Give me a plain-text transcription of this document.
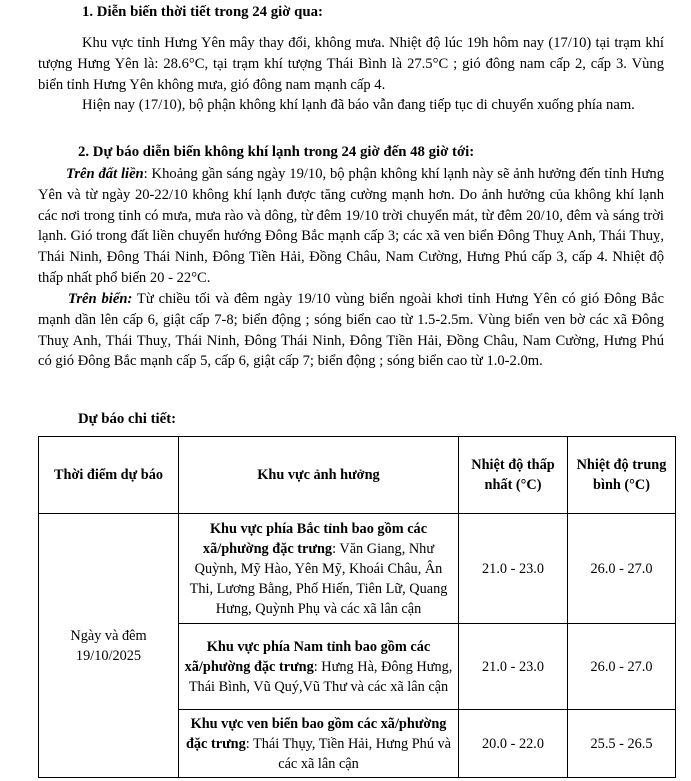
1. Diễn biến thời tiết trong 24 giờ qua:

Khu vực tỉnh Hưng Yên mây thay đổi, không mưa. Nhiệt độ lúc 19h hôm nay (17/10) tại trạm khí tượng Hưng Yên là: 28.6°C, tại trạm khí tượng Thái Bình là 27.5°C ; gió đông nam cấp 2, cấp 3. Vùng biển tỉnh Hưng Yên không mưa, gió đông nam mạnh cấp 4.

Hiện nay (17/10), bộ phận không khí lạnh đã báo vẫn đang tiếp tục di chuyển xuống phía nam.

2. Dự báo diễn biến không khí lạnh trong 24 giờ đến 48 giờ tới:

Trên đất liền: Khoảng gần sáng ngày 19/10, bộ phận không khí lạnh này sẽ ảnh hưởng đến tỉnh Hưng Yên và từ ngày 20-22/10 không khí lạnh được tăng cường mạnh hơn. Do ảnh hưởng của không khí lạnh các nơi trong tỉnh có mưa, mưa rào và dông, từ đêm 19/10 trời chuyển mát, từ đêm 20/10, đêm và sáng trời lạnh. Gió trong đất liền chuyển hướng Đông Bắc mạnh cấp 3; các xã ven biển Đông Thuỵ Anh, Thái Thuỵ, Thái Ninh, Đông Thái Ninh, Đông Tiền Hải, Đồng Châu, Nam Cường, Hưng Phú cấp 3, cấp 4. Nhiệt độ thấp nhất phổ biến 20 - 22°C.

Trên biển: Từ chiều tối và đêm ngày 19/10 vùng biển ngoài khơi tỉnh Hưng Yên có gió Đông Bắc mạnh dần lên cấp 6, giật cấp 7-8; biển động ; sóng biển cao từ 1.5-2.5m. Vùng biển ven bờ các xã Đông Thuỵ Anh, Thái Thuỵ, Thái Ninh, Đông Thái Ninh, Đông Tiền Hải, Đồng Châu, Nam Cường, Hưng Phú có gió Đông Bắc mạnh cấp 5, cấp 6, giật cấp 7; biển động ; sóng biển cao từ 1.0-2.0m.

Dự báo chi tiết:
Thời điểm dự báo	Khu vực ảnh hưởng	Nhiệt độ thấp nhất (°C)	Nhiệt độ trung bình (°C)
Ngày và đêm 19/10/2025	Khu vực phía Bắc tỉnh bao gồm các xã/phường đặc trưng: Văn Giang, Như Quỳnh, Mỹ Hào, Yên Mỹ, Khoái Châu, Ân Thi, Lương Bằng, Phố Hiến, Tiên Lữ, Quang Hưng, Quỳnh Phụ và các xã lân cận	21.0 - 23.0	26.0 - 27.0
	Khu vực phía Nam tỉnh bao gồm các xã/phường đặc trưng: Hưng Hà, Đông Hưng, Thái Bình, Vũ Quý,Vũ Thư và các xã lân cận	21.0 - 23.0	26.0 - 27.0
	Khu vực ven biển bao gồm các xã/phường đặc trưng: Thái Thụy, Tiền Hải, Hưng Phú và các xã lân cận	20.0 - 22.0	25.5 - 26.5
